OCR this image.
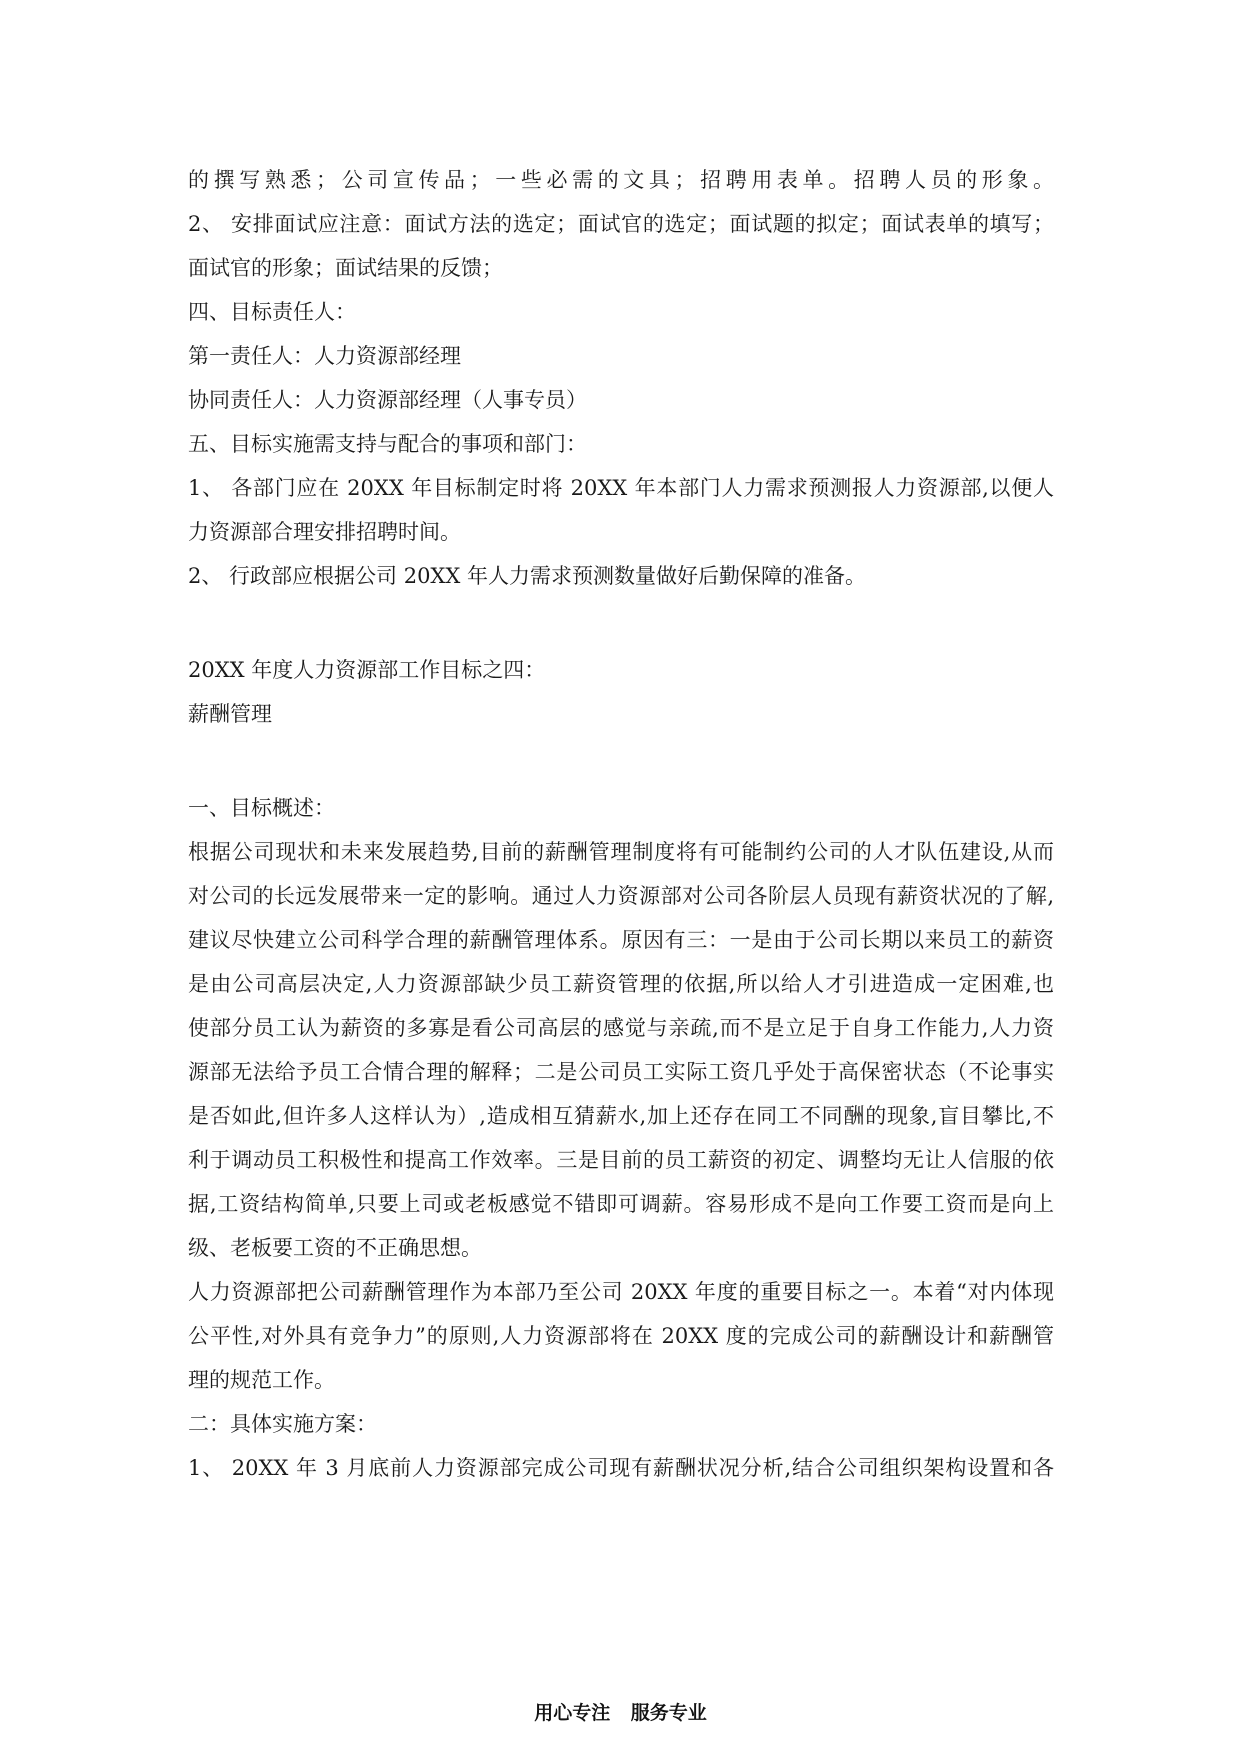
的撰写熟悉；公司宣传品；一些必需的文具；招聘用表单。招聘人员的形象。
2、 安排面试应注意：面试方法的选定；面试官的选定；面试题的拟定；面试表单的填写；
面试官的形象；面试结果的反馈；
四、目标责任人：
第一责任人：人力资源部经理
协同责任人：人力资源部经理（人事专员）
五、目标实施需支持与配合的事项和部门：
1、 各部门应在 20XX 年目标制定时将 20XX 年本部门人力需求预测报人力资源部,以便人
力资源部合理安排招聘时间。
2、 行政部应根据公司 20XX 年人力需求预测数量做好后勤保障的准备。
20XX 年度人力资源部工作目标之四：
薪酬管理
一、目标概述：
根据公司现状和未来发展趋势,目前的薪酬管理制度将有可能制约公司的人才队伍建设,从而
对公司的长远发展带来一定的影响。通过人力资源部对公司各阶层人员现有薪资状况的了解,
建议尽快建立公司科学合理的薪酬管理体系。原因有三：一是由于公司长期以来员工的薪资
是由公司高层决定,人力资源部缺少员工薪资管理的依据,所以给人才引进造成一定困难,也
使部分员工认为薪资的多寡是看公司高层的感觉与亲疏,而不是立足于自身工作能力,人力资
源部无法给予员工合情合理的解释；二是公司员工实际工资几乎处于高保密状态（不论事实
是否如此,但许多人这样认为）,造成相互猜薪水,加上还存在同工不同酬的现象,盲目攀比,不
利于调动员工积极性和提高工作效率。三是目前的员工薪资的初定、调整均无让人信服的依
据,工资结构简单,只要上司或老板感觉不错即可调薪。容易形成不是向工作要工资而是向上
级、老板要工资的不正确思想。
人力资源部把公司薪酬管理作为本部乃至公司 20XX 年度的重要目标之一。本着“对内体现
公平性,对外具有竞争力”的原则,人力资源部将在 20XX 度的完成公司的薪酬设计和薪酬管
理的规范工作。
二：具体实施方案：
1、 20XX 年 3 月底前人力资源部完成公司现有薪酬状况分析,结合公司组织架构设置和各
用心专注 服务专业
